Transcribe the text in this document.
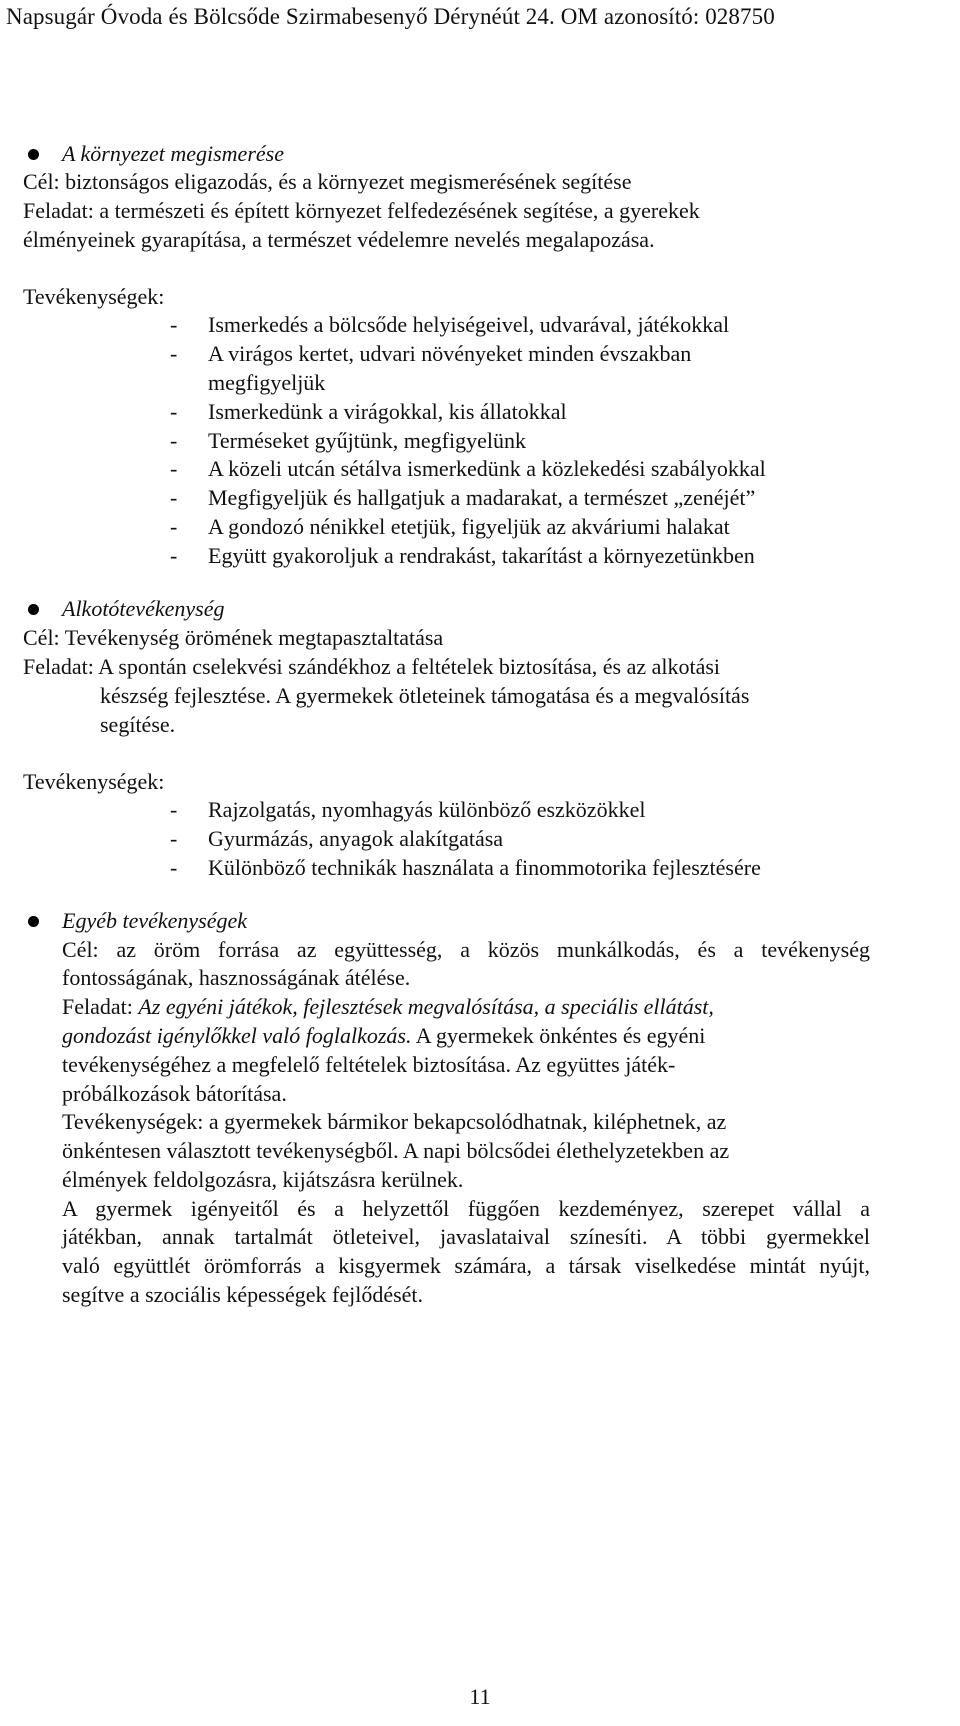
Napsugár Óvoda és Bölcsőde Szirmabesenyő Dérynéút 24. OM azonosító: 028750
A környezet megismerése
Cél: biztonságos eligazodás, és a környezet megismerésének segítése
Feladat: a természeti és épített környezet felfedezésének segítése, a gyerekek
élményeinek gyarapítása, a természet védelemre nevelés megalapozása.
Tevékenységek:
- Ismerkedés a bölcsőde helyiségeivel, udvarával, játékokkal
- A virágos kertet, udvari növényeket minden évszakban
megfigyeljük
- Ismerkedünk a virágokkal, kis állatokkal
- Terméseket gyűjtünk, megfigyelünk
- A közeli utcán sétálva ismerkedünk a közlekedési szabályokkal
- Megfigyeljük és hallgatjuk a madarakat, a természet „zenéjét”
- A gondozó nénikkel etetjük, figyeljük az akváriumi halakat
- Együtt gyakoroljuk a rendrakást, takarítást a környezetünkben
Alkotótevékenység
Cél: Tevékenység örömének megtapasztaltatása
Feladat: A spontán cselekvési szándékhoz a feltételek biztosítása, és az alkotási
készség fejlesztése. A gyermekek ötleteinek támogatása és a megvalósítás
segítése.
Tevékenységek:
- Rajzolgatás, nyomhagyás különböző eszközökkel
- Gyurmázás, anyagok alakítgatása
- Különböző technikák használata a finommotorika fejlesztésére
Egyéb tevékenységek
Cél: az öröm forrása az együttesség, a közös munkálkodás, és a tevékenység
fontosságának, hasznosságának átélése.
Feladat: Az egyéni játékok, fejlesztések megvalósítása, a speciális ellátást,
gondozást igénylőkkel való foglalkozás. A gyermekek önkéntes és egyéni
tevékenységéhez a megfelelő feltételek biztosítása. Az együttes játék-
próbálkozások bátorítása.
Tevékenységek: a gyermekek bármikor bekapcsolódhatnak, kiléphetnek, az
önkéntesen választott tevékenységből. A napi bölcsődei élethelyzetekben az
élmények feldolgozásra, kijátszásra kerülnek.
A gyermek igényeitől és a helyzettől függően kezdeményez, szerepet vállal a
játékban, annak tartalmát ötleteivel, javaslataival színesíti. A többi gyermekkel
való együttlét örömforrás a kisgyermek számára, a társak viselkedése mintát nyújt,
segítve a szociális képességek fejlődését.
11
